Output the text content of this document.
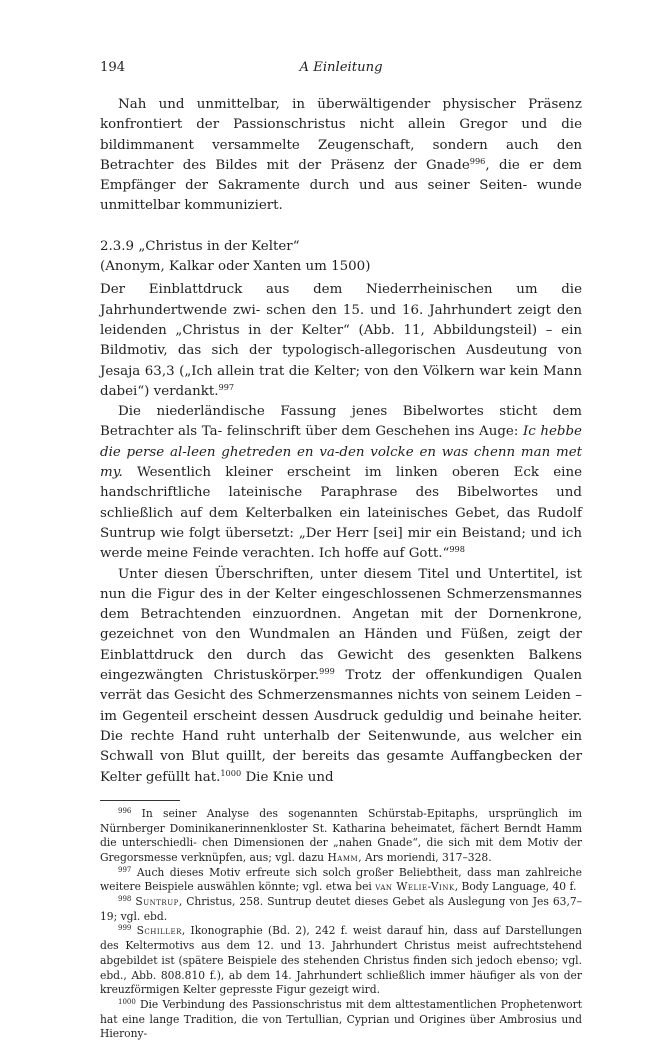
194	A Einleitung

Nah und unmittelbar, in überwältigender physischer Präsenz konfrontiert der Passionschristus nicht allein Gregor und die bildimmanent versammelte Zeugenschaft, sondern auch den Betrachter des Bildes mit der Präsenz der Gnade$^{996}$, die er dem Empfänger der Sakramente durch und aus seiner Seiten- wunde unmittelbar kommuniziert.

2.3.9 „Christus in der Kelter“

(Anonym, Kalkar oder Xanten um 1500)

Der Einblattdruck aus dem Niederrheinischen um die Jahrhundertwende zwi- schen den 15. und 16. Jahrhundert zeigt den leidenden „Christus in der Kelter“ (Abb. 11, Abbildungsteil) – ein Bildmotiv, das sich der typologisch-allegorischen Ausdeutung von Jesaja 63,3 („Ich allein trat die Kelter; von den Völkern war kein Mann dabei“) verdankt.$^{997}$

Die niederländische Fassung jenes Bibelwortes sticht dem Betrachter als Ta- felinschrift über dem Geschehen ins Auge: Ic hebbe die perse al-leen ghetreden en va-den volcke en was chenn man met my. Wesentlich kleiner erscheint im linken oberen Eck eine handschriftliche lateinische Paraphrase des Bibelwortes und schließlich auf dem Kelterbalken ein lateinisches Gebet, das Rudolf Suntrup wie folgt übersetzt: „Der Herr [sei] mir ein Beistand; und ich werde meine Feinde verachten. Ich hoffe auf Gott.“$^{998}$

Unter diesen Überschriften, unter diesem Titel und Untertitel, ist nun die Figur des in der Kelter eingeschlossenen Schmerzensmannes dem Betrachtenden einzuordnen. Angetan mit der Dornenkrone, gezeichnet von den Wundmalen an Händen und Füßen, zeigt der Einblattdruck den durch das Gewicht des gesenkten Balkens eingezwängten Christuskörper.$^{999}$ Trotz der offenkundigen Qualen verrät das Gesicht des Schmerzensmannes nichts von seinem Leiden – im Gegenteil erscheint dessen Ausdruck geduldig und beinahe heiter. Die rechte Hand ruht unterhalb der Seitenwunde, aus welcher ein Schwall von Blut quillt, der bereits das gesamte Auffangbecken der Kelter gefüllt hat.$^{1000}$ Die Knie und

$^{996}$ In seiner Analyse des sogenannten Schürstab-Epitaphs, ursprünglich im Nürnberger Dominikanerinnenkloster St. Katharina beheimatet, fächert Berndt Hamm die unterschiedli- chen Dimensionen der „nahen Gnade“, die sich mit dem Motiv der Gregorsmesse verknüpfen, aus; vgl. dazu Hamm, Ars moriendi, 317–328.

$^{997}$ Auch dieses Motiv erfreute sich solch großer Beliebtheit, dass man zahlreiche weitere Beispiele auswählen könnte; vgl. etwa bei van Welie-Vink, Body Language, 40 f.

$^{998}$ Suntrup, Christus, 258. Suntrup deutet dieses Gebet als Auslegung von Jes 63,7–19; vgl. ebd.

$^{999}$ Schiller, Ikonographie (Bd. 2), 242 f. weist darauf hin, dass auf Darstellungen des Keltermotivs aus dem 12. und 13. Jahrhundert Christus meist aufrechtstehend abgebildet ist (spätere Beispiele des stehenden Christus finden sich jedoch ebenso; vgl. ebd., Abb. 808.810 f.), ab dem 14. Jahrhundert schließlich immer häufiger als von der kreuzförmigen Kelter gepresste Figur gezeigt wird.

$^{1000}$ Die Verbindung des Passionschristus mit dem alttestamentlichen Prophetenwort hat eine lange Tradition, die von Tertullian, Cyprian und Origines über Ambrosius und Hierony-
